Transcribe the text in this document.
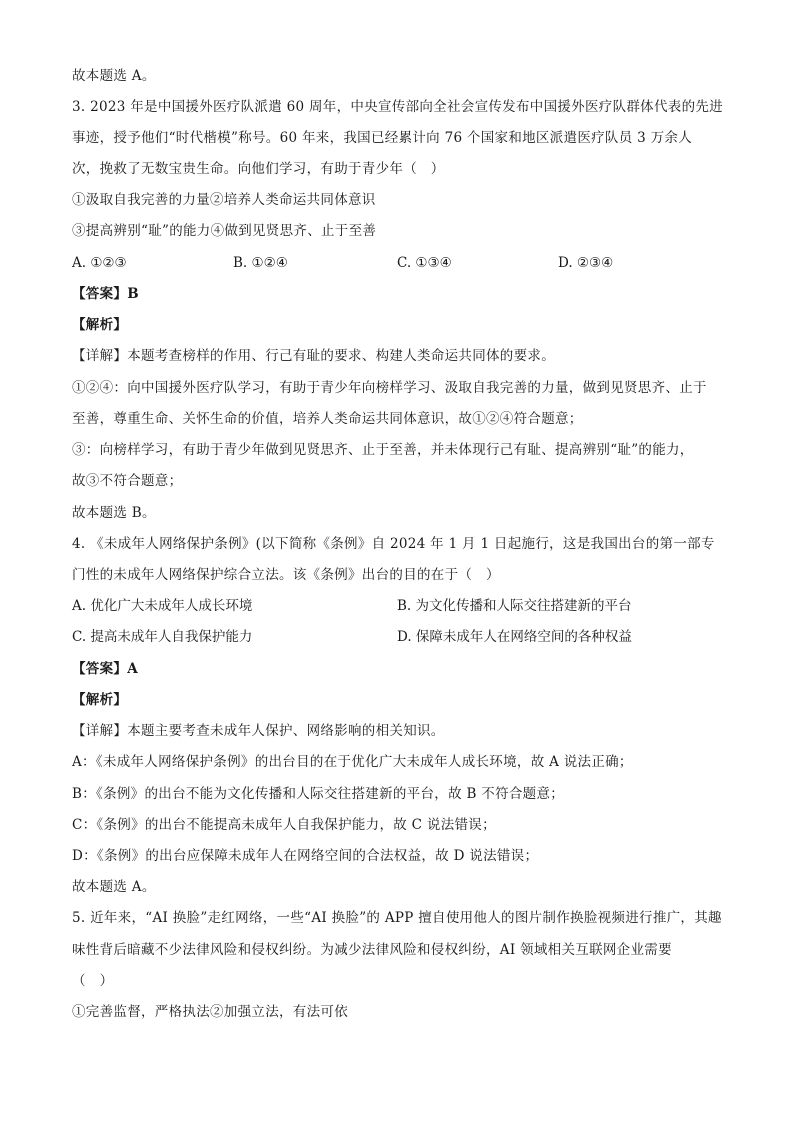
故本题选 A。
3. 2023 年是中国援外医疗队派遣 60 周年，中央宣传部向全社会宣传发布中国援外医疗队群体代表的先进
事迹，授予他们“时代楷模”称号。60 年来，我国已经累计向 76 个国家和地区派遣医疗队员 3 万余人
次，挽救了无数宝贵生命。向他们学习，有助于青少年（　）
①汲取自我完善的力量②培养人类命运共同体意识
③提高辨别“耻”的能力④做到见贤思齐、止于至善
A. ①②③	B. ①②④	C. ①③④	D. ②③④
【答案】B
【解析】
【详解】本题考查榜样的作用、行己有耻的要求、构建人类命运共同体的要求。
①②④：向中国援外医疗队学习，有助于青少年向榜样学习、汲取自我完善的力量，做到见贤思齐、止于
至善，尊重生命、关怀生命的价值，培养人类命运共同体意识，故①②④符合题意；
③：向榜样学习，有助于青少年做到见贤思齐、止于至善，并未体现行己有耻、提高辨别“耻”的能力，
故③不符合题意；
故本题选 B。
4. 《未成年人网络保护条例》(以下简称《条例》自 2024 年 1 月 1 日起施行，这是我国出台的第一部专
门性的未成年人网络保护综合立法。该《条例》出台的目的在于（　）
A. 优化广大未成年人成长环境	B. 为文化传播和人际交往搭建新的平台
C. 提高未成年人自我保护能力	D. 保障未成年人在网络空间的各种权益
【答案】A
【解析】
【详解】本题主要考查未成年人保护、网络影响的相关知识。
A：《未成年人网络保护条例》的出台目的在于优化广大未成年人成长环境，故 A 说法正确；
B：《条例》的出台不能为文化传播和人际交往搭建新的平台，故 B 不符合题意；
C：《条例》的出台不能提高未成年人自我保护能力，故 C 说法错误；
D：《条例》的出台应保障未成年人在网络空间的合法权益，故 D 说法错误；
故本题选 A。
5. 近年来，“AI 换脸”走红网络，一些“AI 换脸”的 APP 擅自使用他人的图片制作换脸视频进行推广，其趣
味性背后暗藏不少法律风险和侵权纠纷。为减少法律风险和侵权纠纷，AI 领域相关互联网企业需要
（　）
①完善监督，严格执法②加强立法，有法可依
